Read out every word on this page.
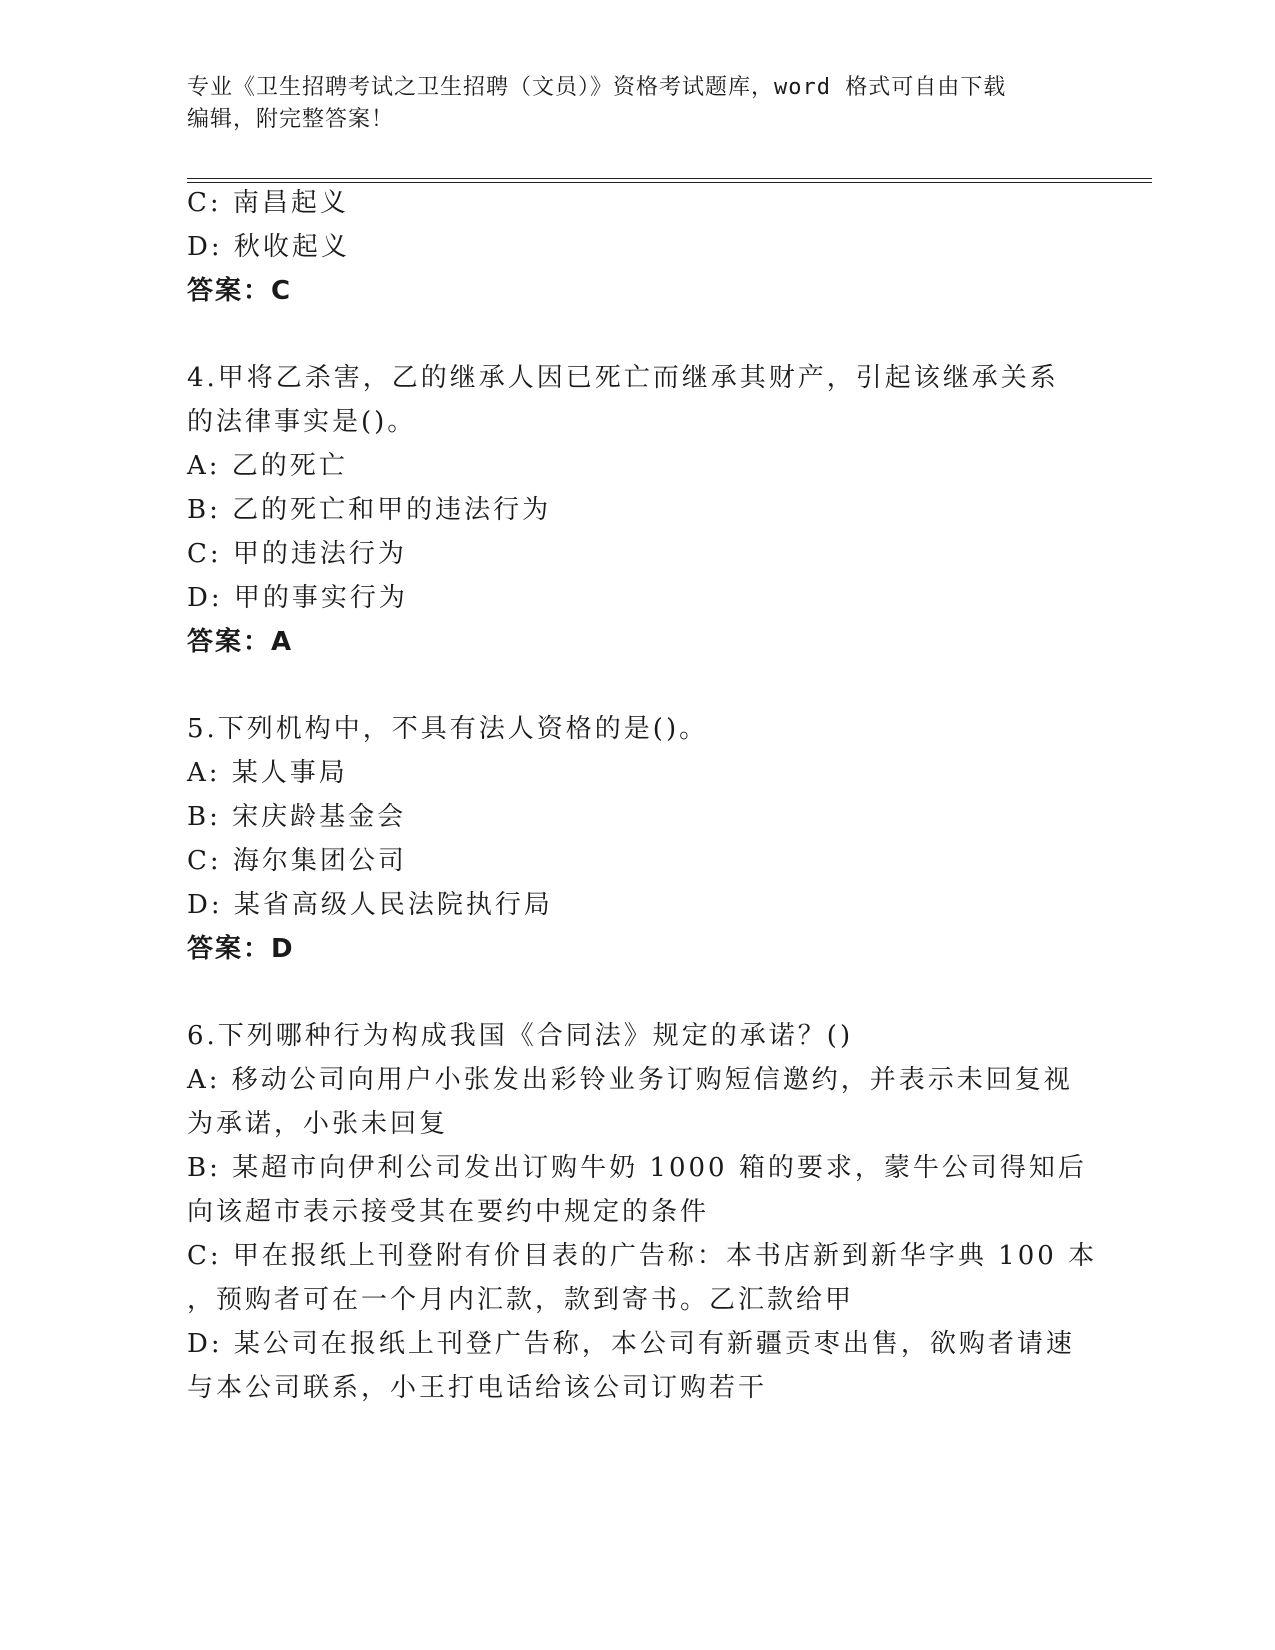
专业《卫生招聘考试之卫生招聘（文员）》资格考试题库，word 格式可自由下载
编辑，附完整答案！
C: 南昌起义
D: 秋收起义
答案：C
4.甲将乙杀害，乙的继承人因已死亡而继承其财产，引起该继承关系
的法律事实是()。
A: 乙的死亡
B: 乙的死亡和甲的违法行为
C: 甲的违法行为
D: 甲的事实行为
答案：A
5.下列机构中，不具有法人资格的是()。
A: 某人事局
B: 宋庆龄基金会
C: 海尔集团公司
D: 某省高级人民法院执行局
答案：D
6.下列哪种行为构成我国《合同法》规定的承诺？()
A: 移动公司向用户小张发出彩铃业务订购短信邀约，并表示未回复视
为承诺，小张未回复
B: 某超市向伊利公司发出订购牛奶 1000 箱的要求，蒙牛公司得知后
向该超市表示接受其在要约中规定的条件
C: 甲在报纸上刊登附有价目表的广告称：本书店新到新华字典 100 本
，预购者可在一个月内汇款，款到寄书。乙汇款给甲
D: 某公司在报纸上刊登广告称，本公司有新疆贡枣出售，欲购者请速
与本公司联系，小王打电话给该公司订购若干
